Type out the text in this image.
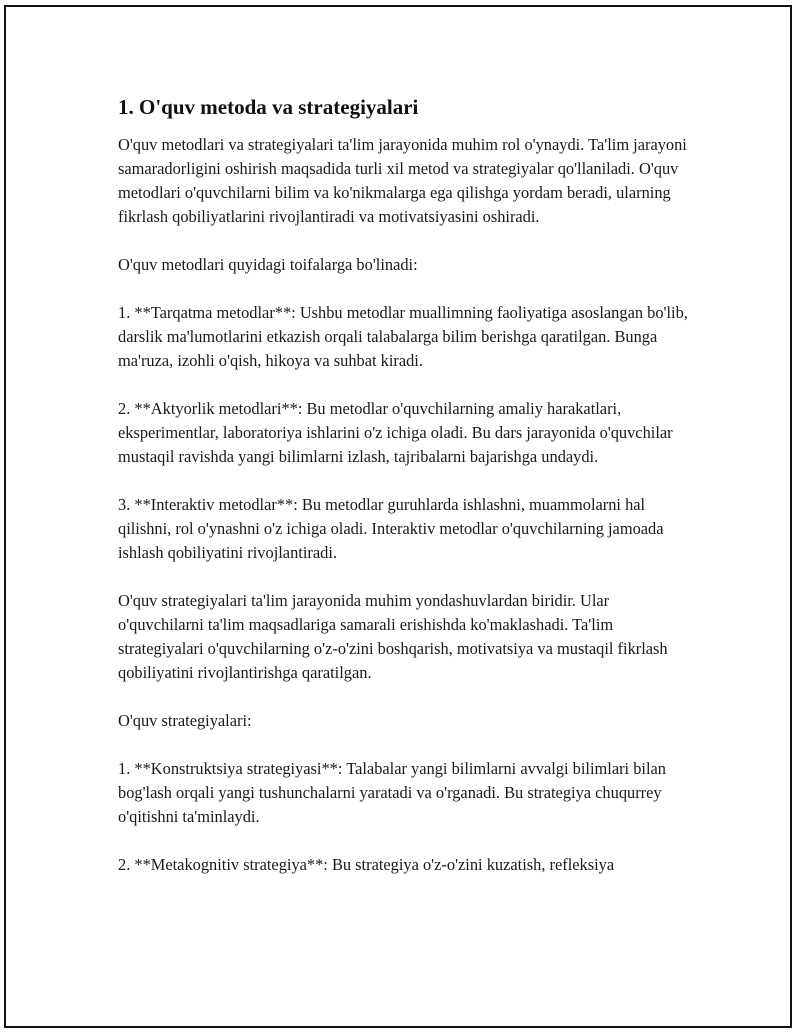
1. O'quv metoda va strategiyalari

O'quv metodlari va strategiyalari ta'lim jarayonida muhim rol o'ynaydi. Ta'lim jarayoni samaradorligini oshirish maqsadida turli xil metod va strategiyalar qo'llaniladi. O'quv metodlari o'quvchilarni bilim va ko'nikmalarga ega qilishga yordam beradi, ularning fikrlash qobiliyatlarini rivojlantiradi va motivatsiyasini oshiradi.

O'quv metodlari quyidagi toifalarga bo'linadi:

1. **Tarqatma metodlar**: Ushbu metodlar muallimning faoliyatiga asoslangan bo'lib, darslik ma'lumotlarini etkazish orqali talabalarga bilim berishga qaratilgan. Bunga ma'ruza, izohli o'qish, hikoya va suhbat kiradi.

2. **Aktyorlik metodlari**: Bu metodlar o'quvchilarning amaliy harakatlari, eksperimentlar, laboratoriya ishlarini o'z ichiga oladi. Bu dars jarayonida o'quvchilar mustaqil ravishda yangi bilimlarni izlash, tajribalarni bajarishga undaydi.

3. **Interaktiv metodlar**: Bu metodlar guruhlarda ishlashni, muammolarni hal qilishni, rol o'ynashni o'z ichiga oladi. Interaktiv metodlar o'quvchilarning jamoada ishlash qobiliyatini rivojlantiradi.

O'quv strategiyalari ta'lim jarayonida muhim yondashuvlardan biridir. Ular o'quvchilarni ta'lim maqsadlariga samarali erishishda ko'maklashadi. Ta'lim strategiyalari o'quvchilarning o'z-o'zini boshqarish, motivatsiya va mustaqil fikrlash qobiliyatini rivojlantirishga qaratilgan.

O'quv strategiyalari:

1. **Konstruktsiya strategiyasi**: Talabalar yangi bilimlarni avvalgi bilimlari bilan bog'lash orqali yangi tushunchalarni yaratadi va o'rganadi. Bu strategiya chuqurrey o'qitishni ta'minlaydi.

2. **Metakognitiv strategiya**: Bu strategiya o'z-o'zini kuzatish, refleksiya
